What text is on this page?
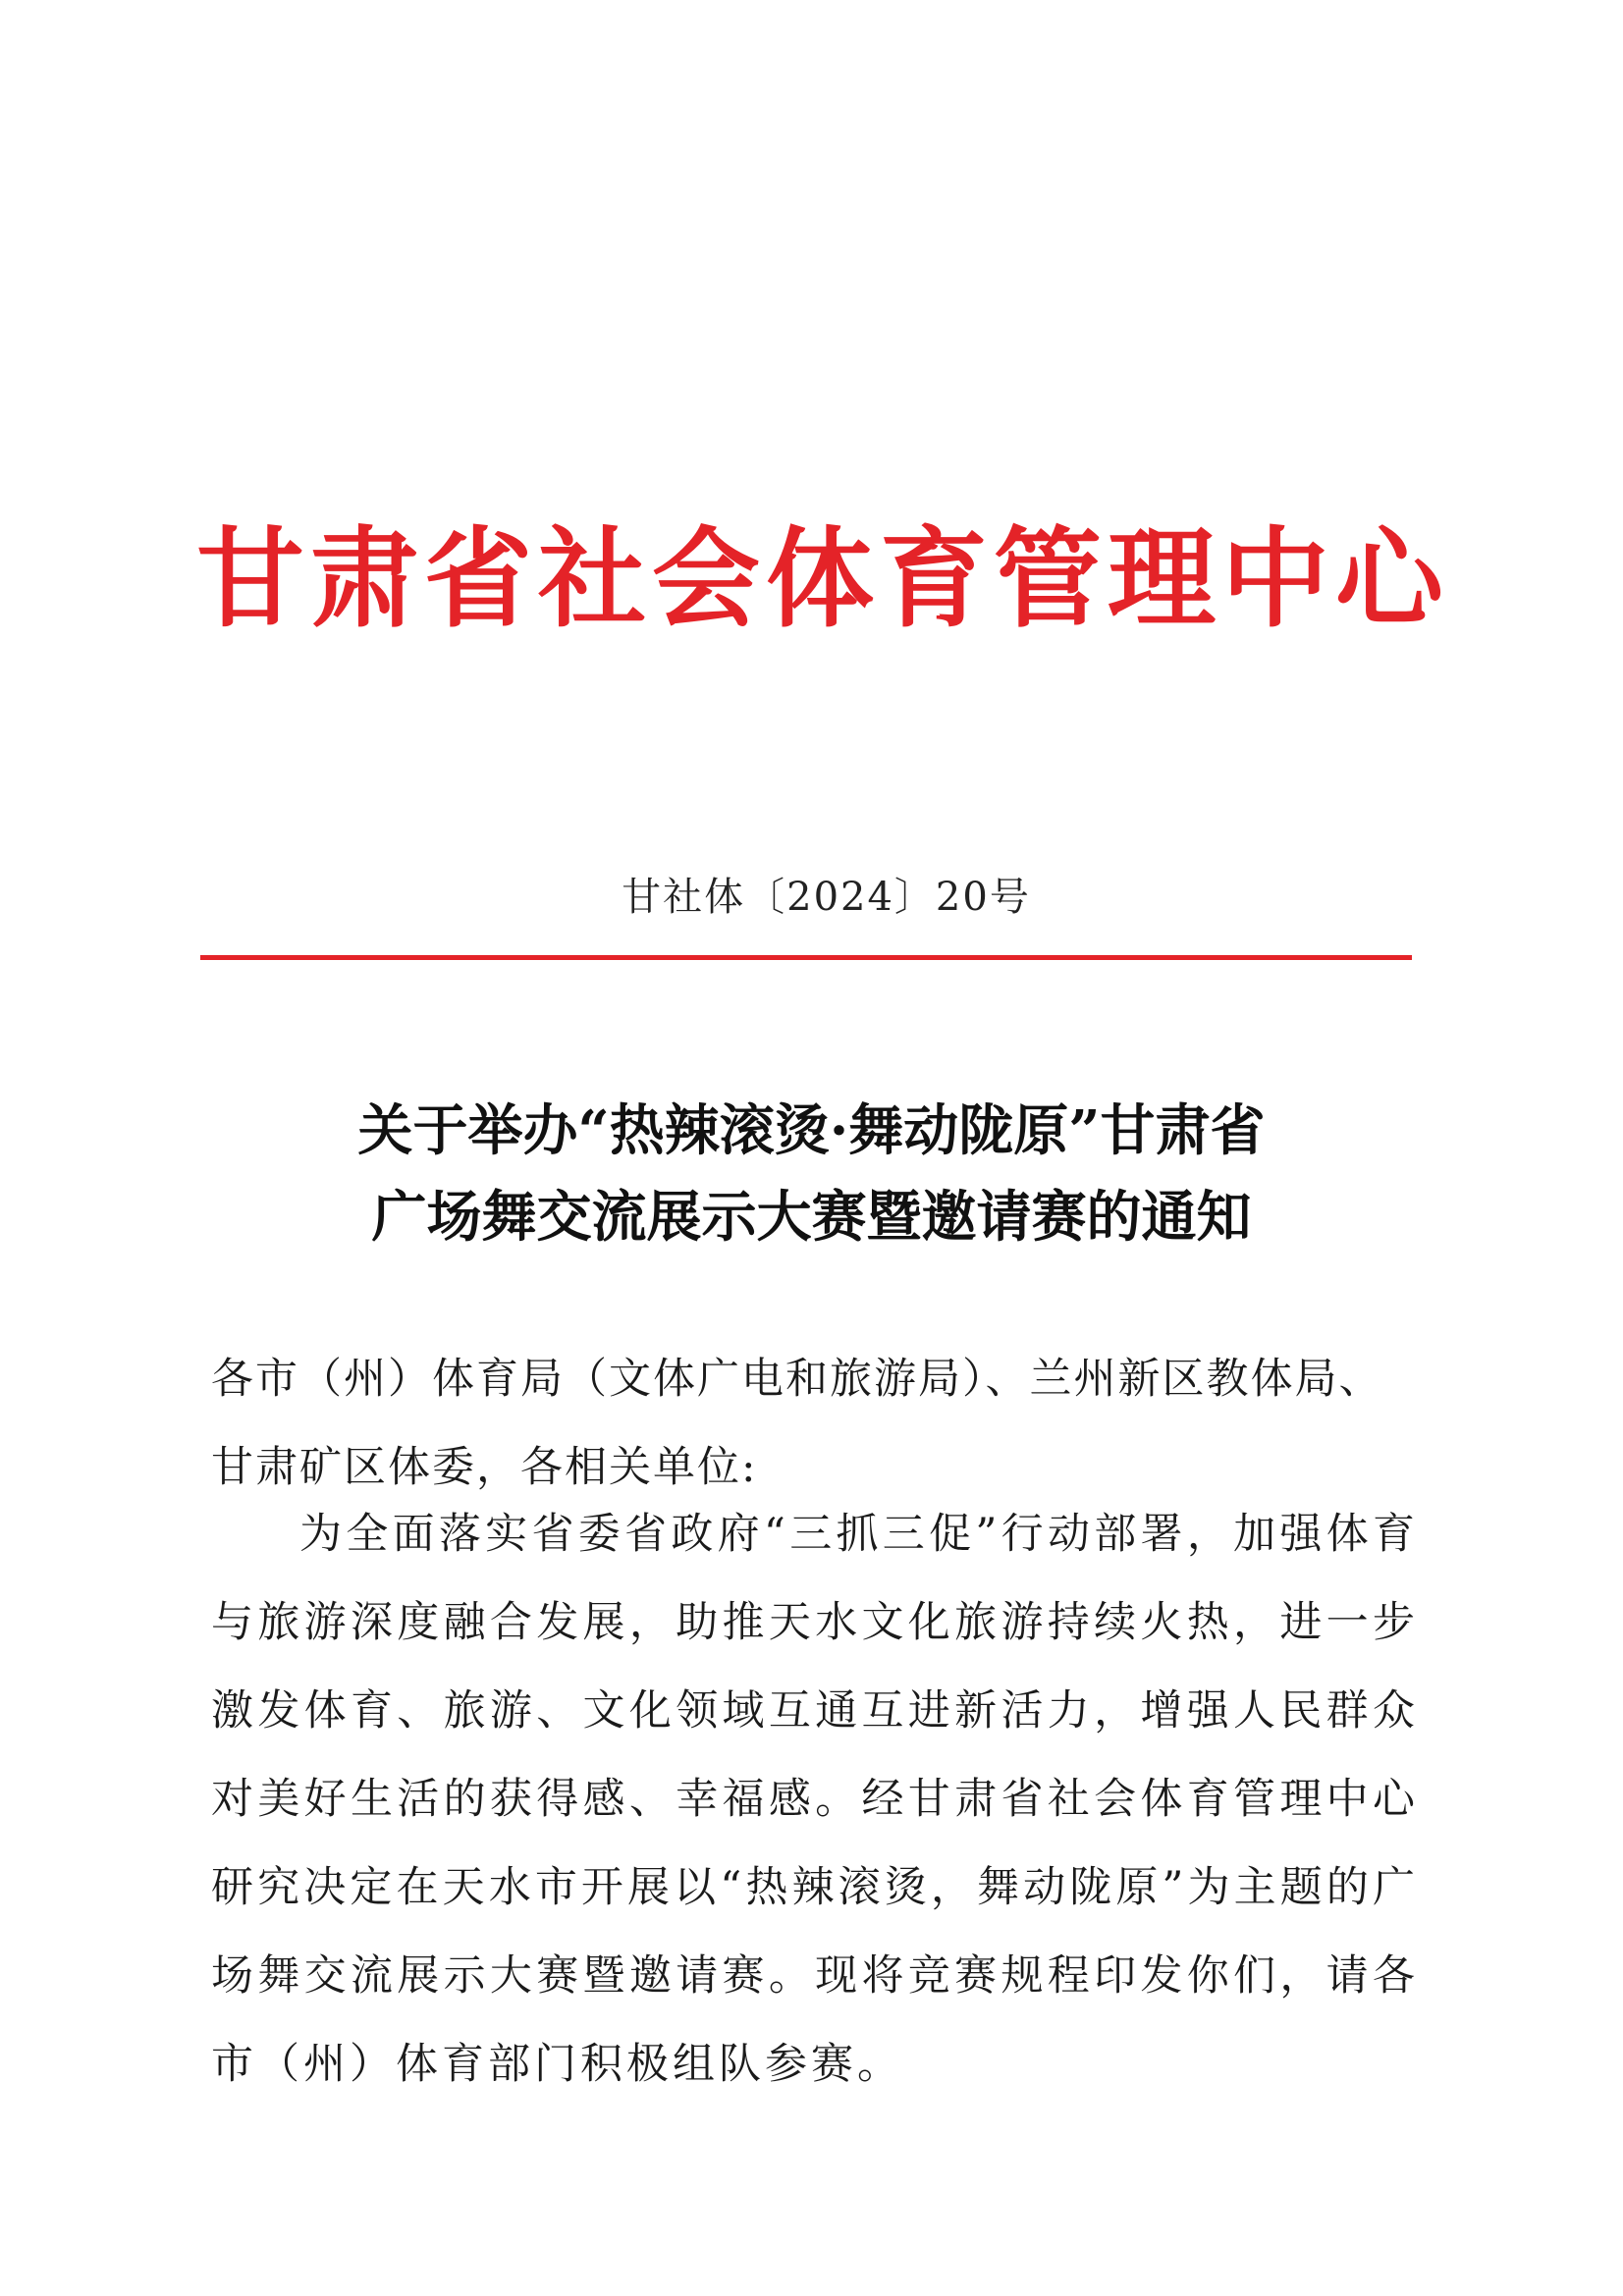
甘肃省社会体育管理中心
甘社体〔2024〕20号
关于举办“热辣滚烫·舞动陇原”甘肃省
广场舞交流展示大赛暨邀请赛的通知
各市（州）体育局（文体广电和旅游局）、兰州新区教体局、甘肃矿区体委，各相关单位:
为全面落实省委省政府“三抓三促”行动部署，加强体育与旅游深度融合发展，助推天水文化旅游持续火热，进一步激发体育、旅游、文化领域互通互进新活力，增强人民群众对美好生活的获得感、幸福感。经甘肃省社会体育管理中心研究决定在天水市开展以“热辣滚烫，舞动陇原”为主题的广场舞交流展示大赛暨邀请赛。现将竞赛规程印发你们，请各市（州）体育部门积极组队参赛。
